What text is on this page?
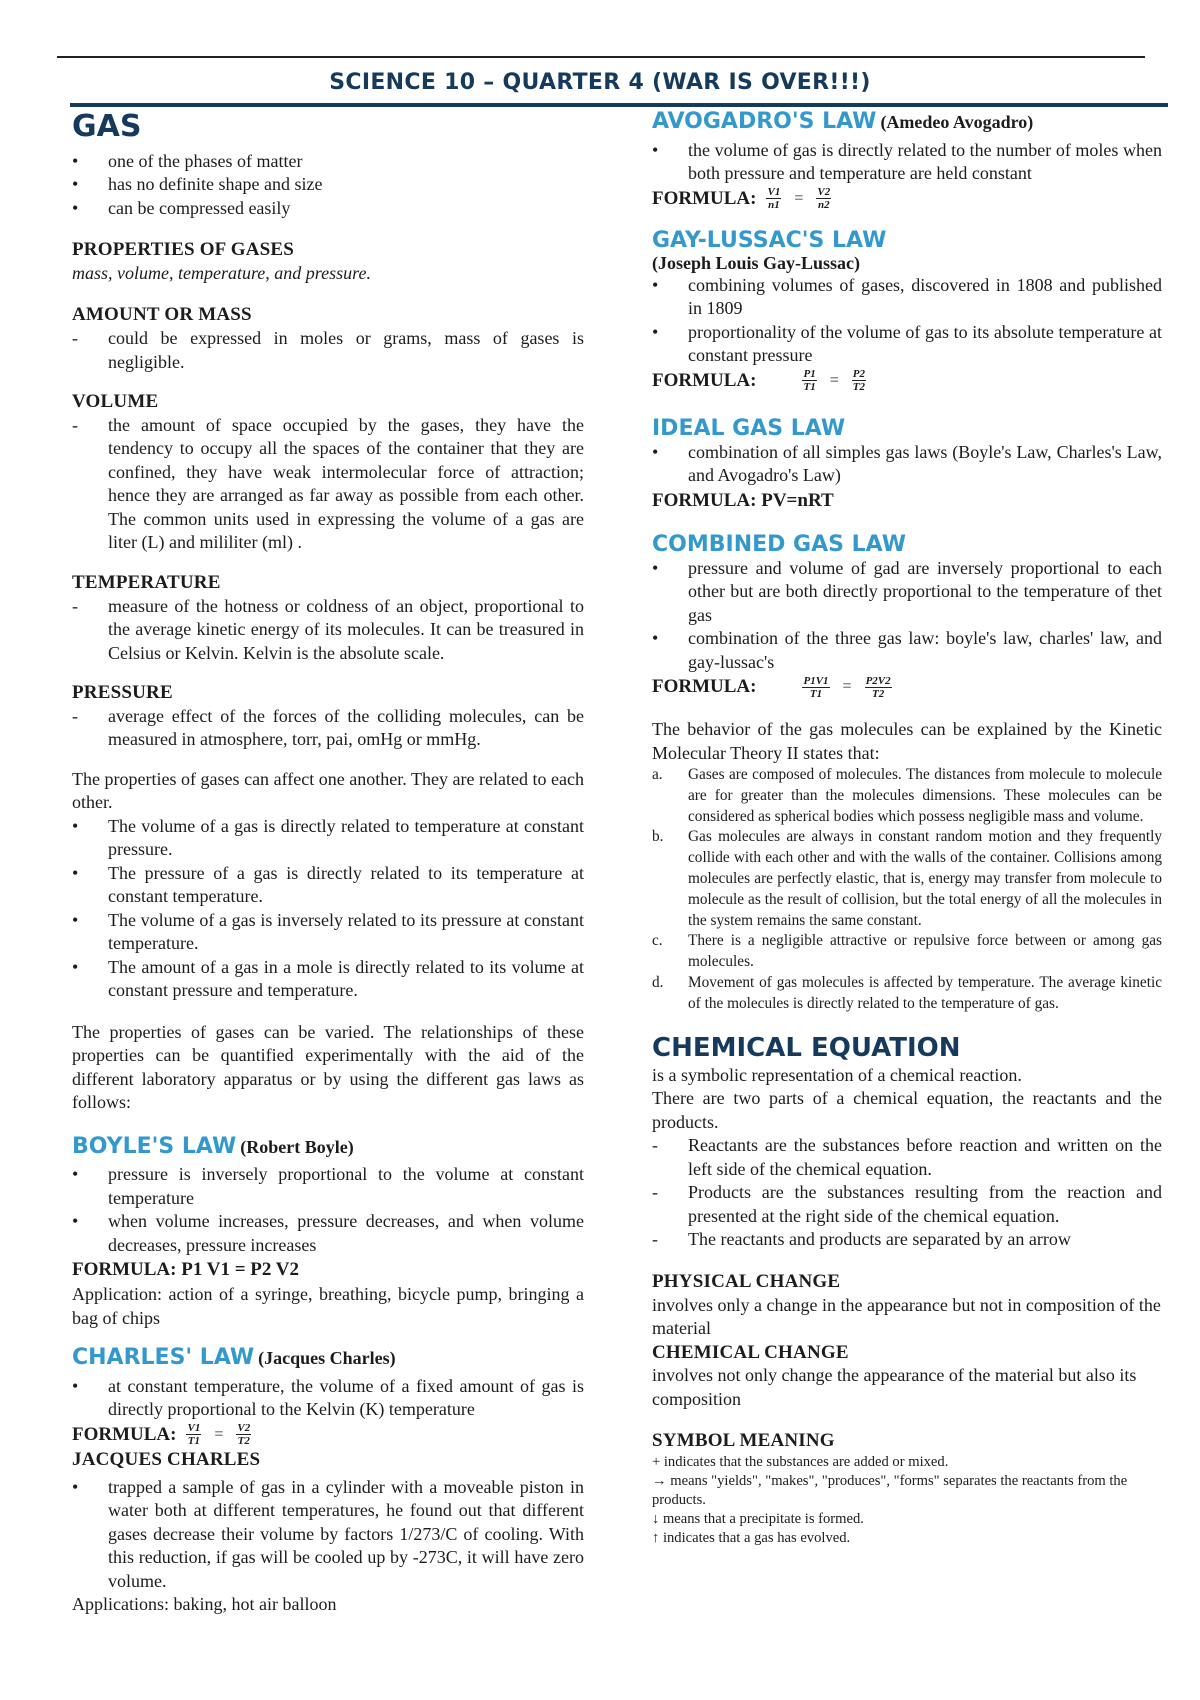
SCIENCE 10 – QUARTER 4 (WAR IS OVER!!!)
GAS
• one of the phases of matter
• has no definite shape and size
• can be compressed easily
PROPERTIES OF GASES

mass, volume, temperature, and pressure.

AMOUNT OR MASS
- could be expressed in moles or grams, mass of gases is negligible.
VOLUME
- the amount of space occupied by the gases, they have the tendency to occupy all the spaces of the container that they are confined, they have weak intermolecular force of attraction; hence they are arranged as far away as possible from each other. The common units used in expressing the volume of a gas are liter (L) and mililiter (ml) .
TEMPERATURE
- measure of the hotness or coldness of an object, proportional to the average kinetic energy of its molecules. It can be treasured in Celsius or Kelvin. Kelvin is the absolute scale.
PRESSURE
- average effect of the forces of the colliding molecules, can be measured in atmosphere, torr, pai, omHg or mmHg.

The properties of gases can affect one another. They are related to each other.

• The volume of a gas is directly related to temperature at constant pressure.
• The pressure of a gas is directly related to its temperature at constant temperature.
• The volume of a gas is inversely related to its pressure at constant temperature.
• The amount of a gas in a mole is directly related to its volume at constant pressure and temperature.

The properties of gases can be varied. The relationships of these properties can be quantified experimentally with the aid of the different laboratory apparatus or by using the different gas laws as follows:

BOYLE'S LAW (Robert Boyle)
• pressure is inversely proportional to the volume at constant temperature
• when volume increases, pressure decreases, and when volume decreases, pressure increases
FORMULA: P1 V1 = P2 V2

Application: action of a syringe, breathing, bicycle pump, bringing a bag of chips

CHARLES' LAW (Jacques Charles)
• at constant temperature, the volume of a fixed amount of gas is directly proportional to the Kelvin (K) temperature
FORMULA: $\frac{V1}{T1} = \frac{V2}{T2}$
JACQUES CHARLES
• trapped a sample of gas in a cylinder with a moveable piston in water both at different temperatures, he found out that different gases decrease their volume by factors 1/273/C of cooling. With this reduction, if gas will be cooled up by -273C, it will have zero volume.

Applications: baking, hot air balloon

AVOGADRO'S LAW (Amedeo Avogadro)
• the volume of gas is directly related to the number of moles when both pressure and temperature are held constant
FORMULA: $\frac{V1}{n1} = \frac{V2}{n2}$
GAY-LUSSAC'S LAW
(Joseph Louis Gay-Lussac)
• combining volumes of gases, discovered in 1808 and published in 1809
• proportionality of the volume of gas to its absolute temperature at constant pressure
FORMULA:	$\frac{P1}{T1} = \frac{P2}{T2}$
IDEAL GAS LAW
• combination of all simples gas laws (Boyle's Law, Charles's Law, and Avogadro's Law)
FORMULA: PV=nRT
COMBINED GAS LAW
• pressure and volume of gad are inversely proportional to each other but are both directly proportional to the temperature of thet gas
• combination of the three gas law: boyle's law, charles' law, and gay-lussac's
FORMULA:	$\frac{P1V1}{T1} = \frac{P2V2}{T2}$

The behavior of the gas molecules can be explained by the Kinetic Molecular Theory II states that:

a. Gases are composed of molecules. The distances from molecule to molecule are for greater than the molecules dimensions. These molecules can be considered as spherical bodies which possess negligible mass and volume.
b. Gas molecules are always in constant random motion and they frequently collide with each other and with the walls of the container. Collisions among molecules are perfectly elastic, that is, energy may transfer from molecule to molecule as the result of collision, but the total energy of all the molecules in the system remains the same constant.
c. There is a negligible attractive or repulsive force between or among gas molecules.
d. Movement of gas molecules is affected by temperature. The average kinetic of the molecules is directly related to the temperature of gas.
CHEMICAL EQUATION

is a symbolic representation of a chemical reaction.

There are two parts of a chemical equation, the reactants and the products.

- Reactants are the substances before reaction and written on the left side of the chemical equation.
- Products are the substances resulting from the reaction and presented at the right side of the chemical equation.
- The reactants and products are separated by an arrow
PHYSICAL CHANGE

involves only a change in the appearance but not in composition of the material

CHEMICAL CHANGE

involves not only change the appearance of the material but also its composition

SYMBOL MEANING

+ indicates that the substances are added or mixed.

→ means "yields", "makes", "produces", "forms" separates the reactants from the products.

↓ means that a precipitate is formed.

↑ indicates that a gas has evolved.
